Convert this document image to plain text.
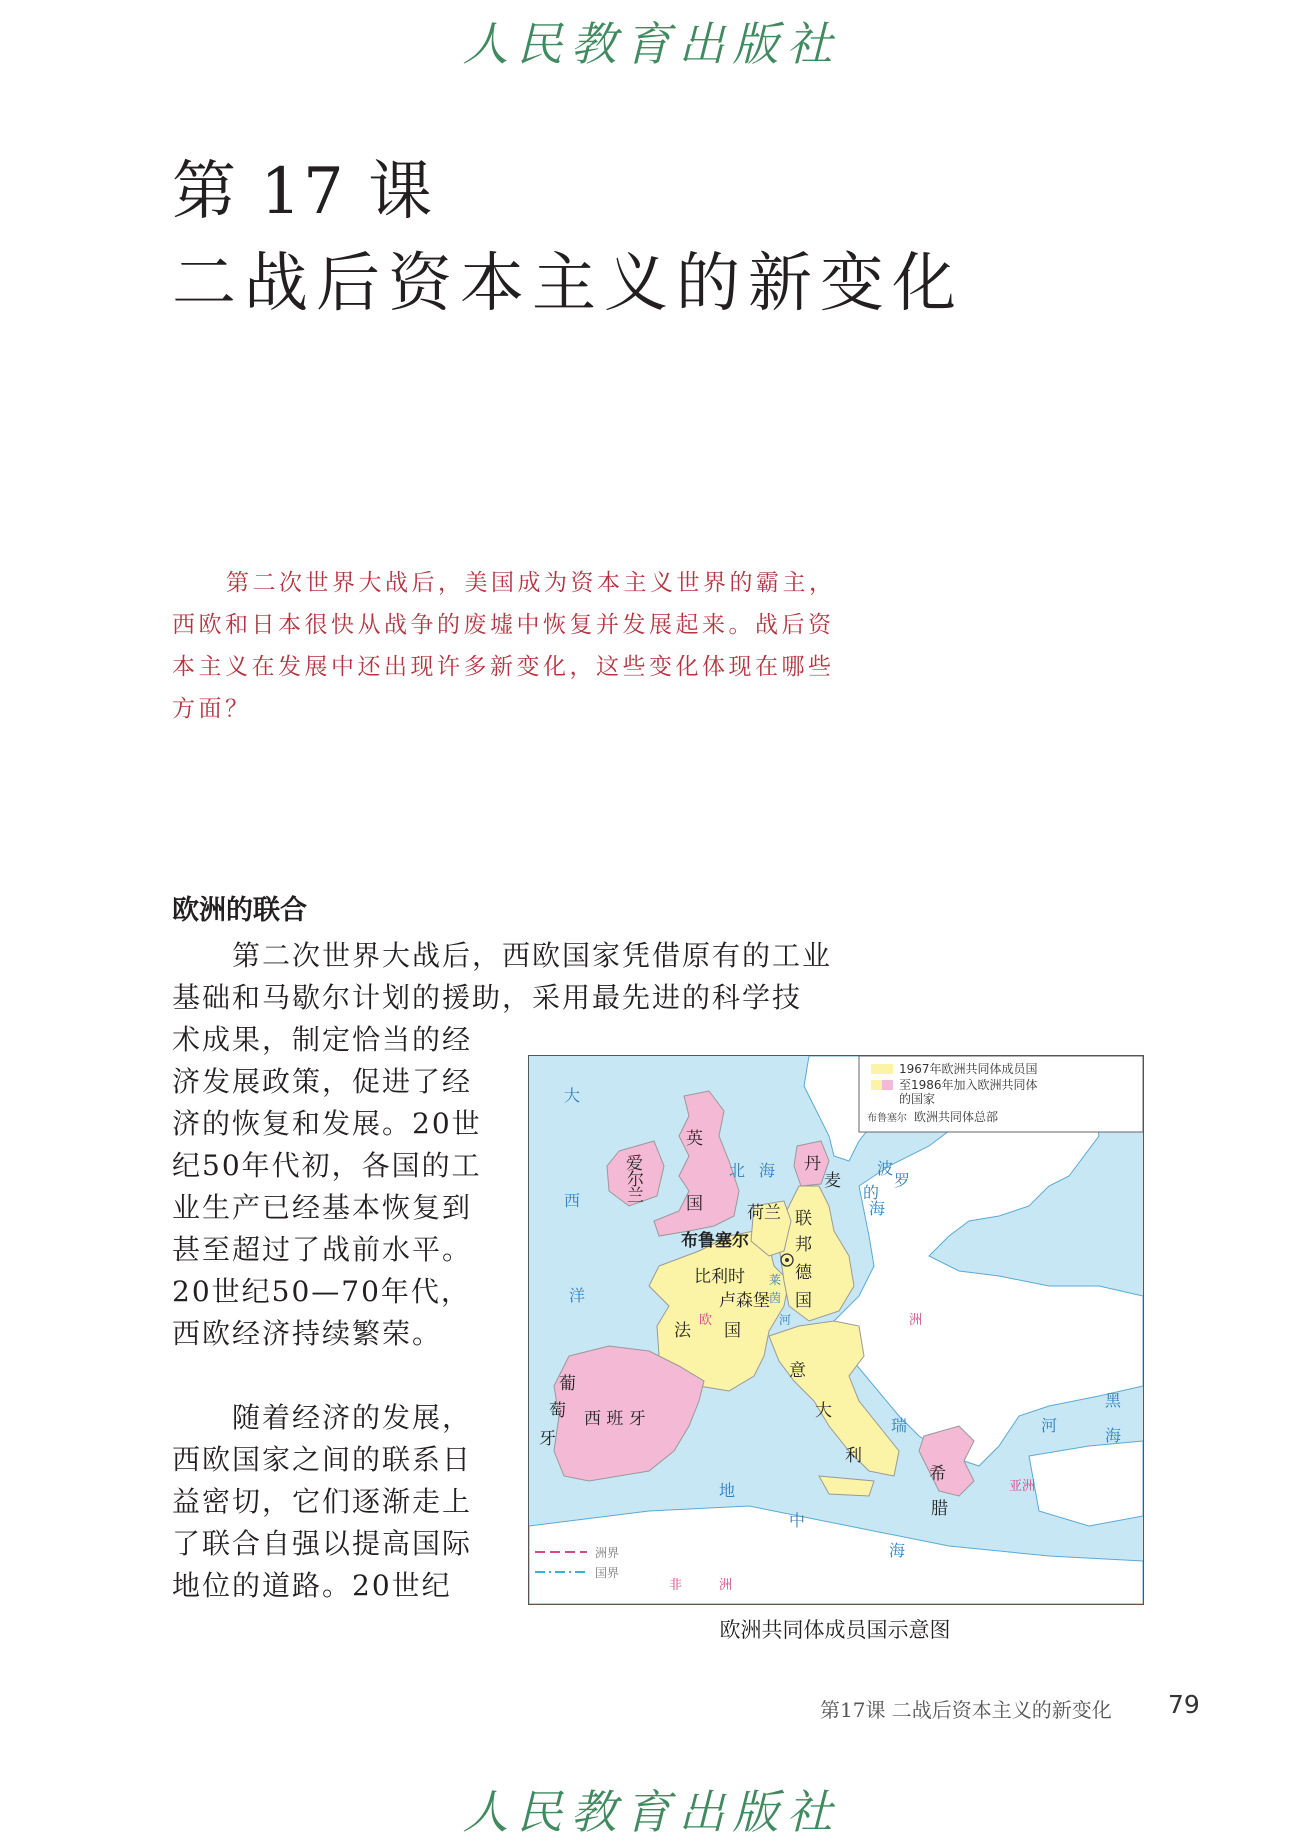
人民教育出版社
第 17 课
二战后资本主义的新变化

第二次世界大战后，美国成为资本主义世界的霸主，西欧和日本很快从战争的废墟中恢复并发展起来。战后资本主义在发展中还出现许多新变化，这些变化体现在哪些方面？

欧洲的联合

第二次世界大战后，西欧国家凭借原有的工业基础和马歇尔计划的援助，采用最先进的科学技

术成果，制定恰当的经济发展政策，促进了经济的恢复和发展。20世纪50年代初，各国的工业生产已经基本恢复到甚至超过了战前水平。20世纪50—70年代，西欧经济持续繁荣。

随着经济的发展，西欧国家之间的联系日益密切，它们逐渐走上了联合自强以提高国际地位的道路。20世纪

1967年欧洲共同体成员国
至1986年加入欧洲共同体
的国家
布鲁塞尔 欧洲共同体总部
洲界
国界
大
西
洋
北 海	波
罗
的
海
黑
海
地
中
海
瑞	河
莱
茵
河
欧	洲
亚洲
非	洲
爱
尔
兰
英
国
丹
麦
荷兰 联
邦
德
国
布鲁塞尔
比利时
卢森堡
法 国
意
大
利
葡
萄
牙
西 班 牙
希
腊
欧洲共同体成员国示意图
第17课 二战后资本主义的新变化 79
人民教育出版社
